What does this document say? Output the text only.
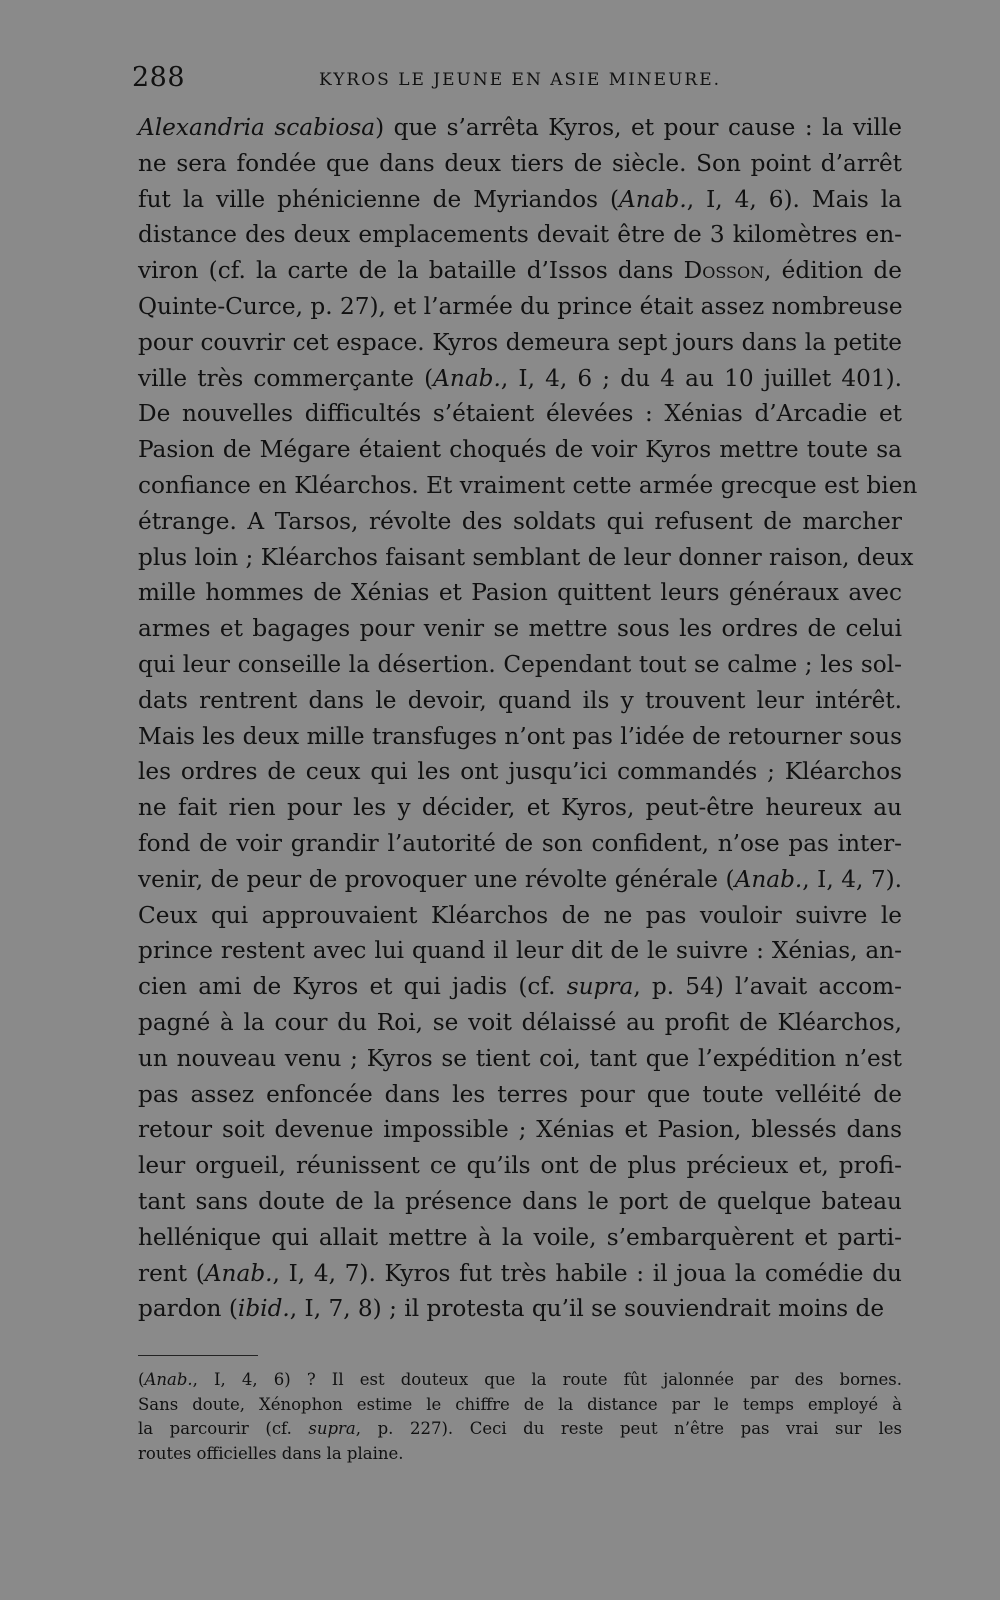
288	KYROS LE JEUNE EN ASIE MINEURE.
Alexandria scabiosa) que s’arrêta Kyros, et pour cause : la ville
ne sera fondée que dans deux tiers de siècle. Son point d’arrêt
fut la ville phénicienne de Myriandos (Anab., I, 4, 6). Mais la
distance des deux emplacements devait être de 3 kilomètres en-
viron (cf. la carte de la bataille d’Issos dans Dosson, édition de
Quinte-Curce, p. 27), et l’armée du prince était assez nombreuse
pour couvrir cet espace. Kyros demeura sept jours dans la petite
ville très commerçante (Anab., I, 4, 6 ; du 4 au 10 juillet 401).
De nouvelles difficultés s’étaient élevées : Xénias d’Arcadie et
Pasion de Mégare étaient choqués de voir Kyros mettre toute sa
confiance en Kléarchos. Et vraiment cette armée grecque est bien
étrange. A Tarsos, révolte des soldats qui refusent de marcher
plus loin ; Kléarchos faisant semblant de leur donner raison, deux
mille hommes de Xénias et Pasion quittent leurs généraux avec
armes et bagages pour venir se mettre sous les ordres de celui
qui leur conseille la désertion. Cependant tout se calme ; les sol-
dats rentrent dans le devoir, quand ils y trouvent leur intérêt.
Mais les deux mille transfuges n’ont pas l’idée de retourner sous
les ordres de ceux qui les ont jusqu’ici commandés ; Kléarchos
ne fait rien pour les y décider, et Kyros, peut-être heureux au
fond de voir grandir l’autorité de son confident, n’ose pas inter-
venir, de peur de provoquer une révolte générale (Anab., I, 4, 7).
Ceux qui approuvaient Kléarchos de ne pas vouloir suivre le
prince restent avec lui quand il leur dit de le suivre : Xénias, an-
cien ami de Kyros et qui jadis (cf. supra, p. 54) l’avait accom-
pagné à la cour du Roi, se voit délaissé au profit de Kléarchos,
un nouveau venu ; Kyros se tient coi, tant que l’expédition n’est
pas assez enfoncée dans les terres pour que toute velléité de
retour soit devenue impossible ; Xénias et Pasion, blessés dans
leur orgueil, réunissent ce qu’ils ont de plus précieux et, profi-
tant sans doute de la présence dans le port de quelque bateau
hellénique qui allait mettre à la voile, s’embarquèrent et parti-
rent (Anab., I, 4, 7). Kyros fut très habile : il joua la comédie du
pardon (ibid., I, 7, 8) ; il protesta qu’il se souviendrait moins de
(Anab., I, 4, 6) ? Il est douteux que la route fût jalonnée par des bornes.
Sans doute, Xénophon estime le chiffre de la distance par le temps employé à
la parcourir (cf. supra, p. 227). Ceci du reste peut n’être pas vrai sur les
routes officielles dans la plaine.
